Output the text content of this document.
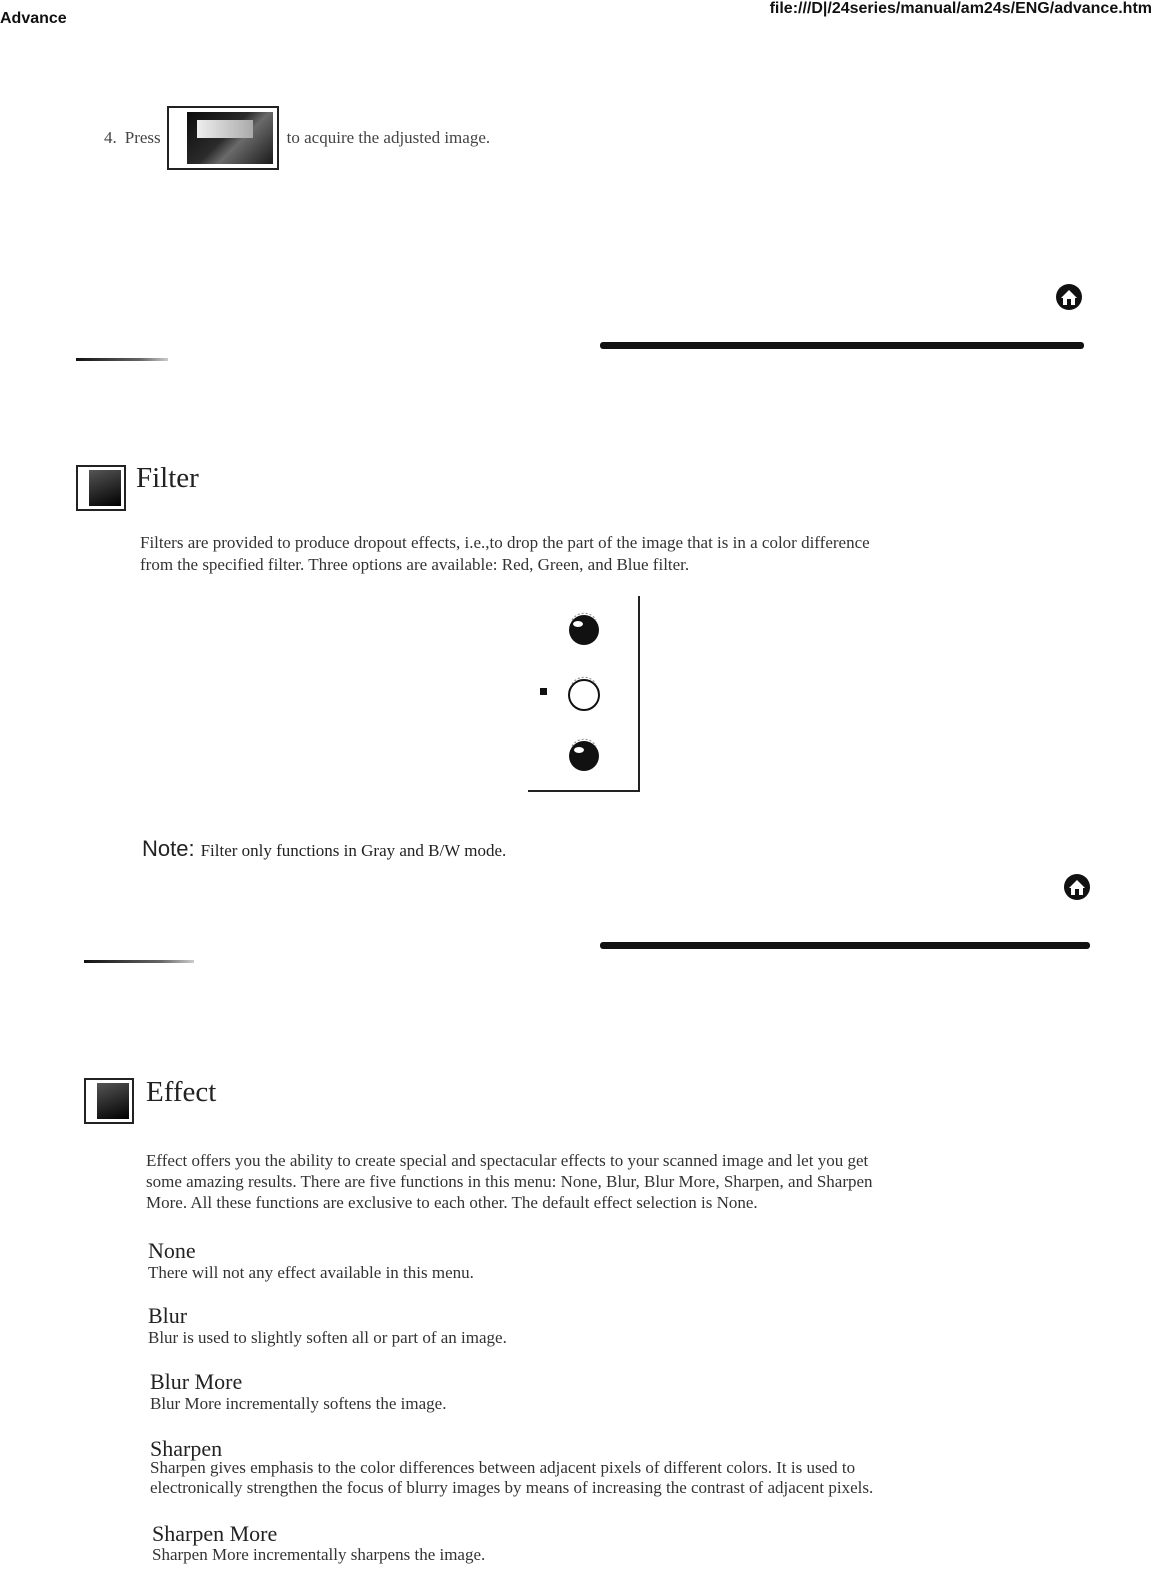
Advance
file:///D|/24series/manual/am24s/ENG/advance.htm
4. Press	to acquire the adjusted image.
Filter
Filters are provided to produce dropout effects, i.e.,to drop the part of the image that is in a color difference
from the specified filter. Three options are available: Red, Green, and Blue filter.
Note: Filter only functions in Gray and B/W mode.
Effect
Effect offers you the ability to create special and spectacular effects to your scanned image and let you get
some amazing results. There are five functions in this menu: None, Blur, Blur More, Sharpen, and Sharpen
More. All these functions are exclusive to each other. The default effect selection is None.
None
There will not any effect available in this menu.
Blur
Blur is used to slightly soften all or part of an image.
Blur More
Blur More incrementally softens the image.
Sharpen
Sharpen gives emphasis to the color differences between adjacent pixels of different colors. It is used to
electronically strengthen the focus of blurry images by means of increasing the contrast of adjacent pixels.
Sharpen More
Sharpen More incrementally sharpens the image.
